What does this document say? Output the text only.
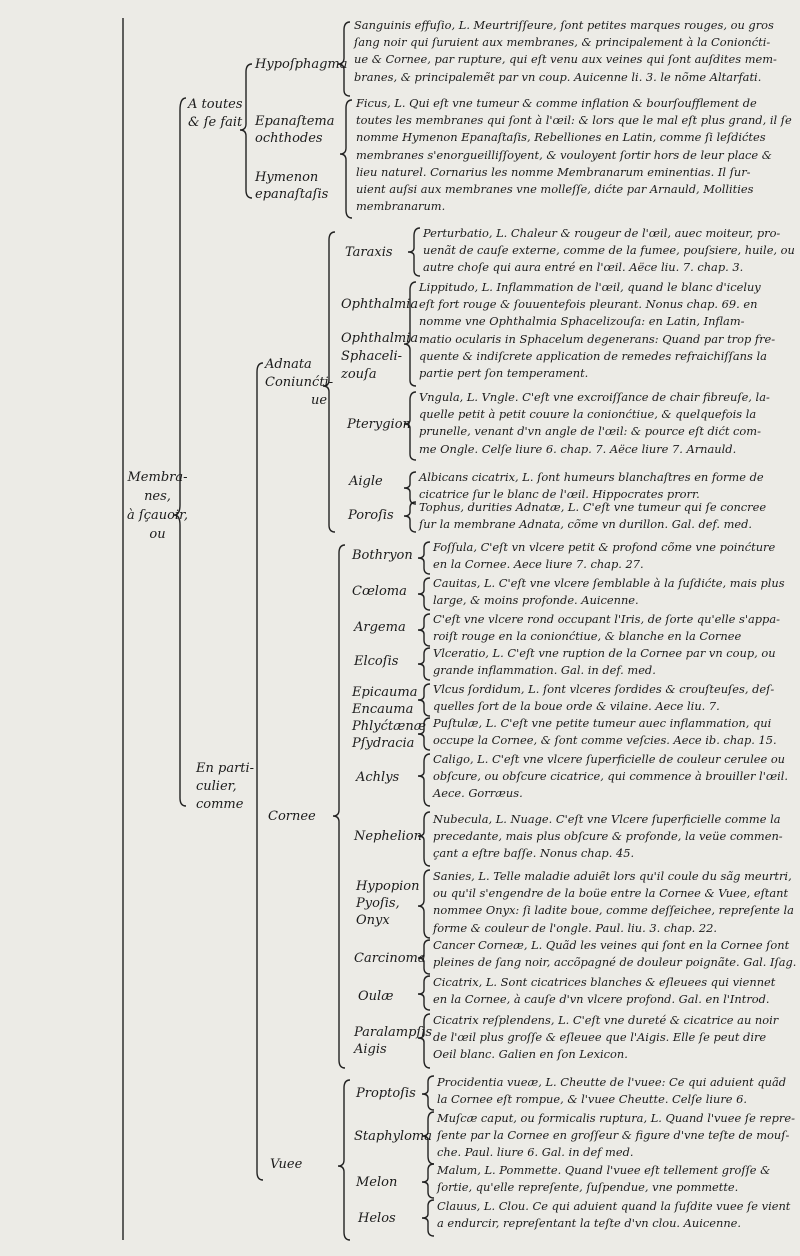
Membra-
nes,
à ſçauoir,
ou
A toutes
& ſe fait
En parti-
culier,
comme
Adnata
Coniunćti-
ue
Cornee
Vuee
Hypoſphagma
Sanguinis effuſio, L. Meurtriſſeure, ſont petites marques rouges, ou gros
ſang noir qui ſuruient aux membranes, & principalement à la Conionćti-
ue & Cornee, par rupture, qui eſt venu aux veines qui ſont auſdites mem-
branes, & principalemẽt par vn coup. Auicenne li. 3. le nõme Altarfati.
Epanaſtema
ochthodes
Hymenon
epanaſtaſis
Ficus, L. Qui eſt vne tumeur & comme inflation & bourſoufflement de
toutes les membranes qui ſont à l'œil: & lors que le mal eſt plus grand, il ſe
nomme Hymenon Epanaſtaſis, Rebelliones en Latin, comme ſi leſdićtes
membranes s'enorgueilliſſoyent, & vouloyent ſortir hors de leur place &
lieu naturel. Cornarius les nomme Membranarum eminentias. Il ſur-
uient auſsi aux membranes vne molleſſe, dićte par Arnauld, Mollities
membranarum.
Taraxis
Perturbatio, L. Chaleur & rougeur de l'œil, auec moiteur, pro-
uenãt de cauſe externe, comme de la fumee, pouſsiere, huile, ou
autre choſe qui aura entré en l'œil. Aëce liu. 7. chap. 3.
Ophthalmia
Lippitudo, L. Inflammation de l'œil, quand le blanc d'iceluy
eſt fort rouge & ſouuentefois pleurant. Nonus chap. 69. en
nomme vne Ophthalmia Sphacelizouſa: en Latin, Inflam-
Ophthalmia
Sphaceli-
zouſa
matio ocularis in Sphacelum degenerans: Quand par trop fre-
quente & indiſcrete application de remedes refraichiſſans la
partie pert ſon temperament.
Pterygion
Vngula, L. Vngle. C'eſt vne excroiſſance de chair fibreuſe, la-
quelle petit à petit couure la conionćtiue, & quelquefois la
prunelle, venant d'vn angle de l'œil: & pource eſt dićt com-
me Ongle. Celſe liure 6. chap. 7. Aëce liure 7. Arnauld.
Aigle	Albicans cicatrix, L. ſont humeurs blanchaſtres en forme de
cicatrice ſur le blanc de l'œil. Hippocrates prorr.
Poroſis
Tophus, durities Adnatæ, L. C'eſt vne tumeur qui ſe concree
ſur la membrane Adnata, cõme vn durillon. Gal. def. med.
Bothryon
Foſſula, C'eſt vn vlcere petit & profond cõme vne poinćture
en la Cornee. Aece liure 7. chap. 27.
Cœloma
Cauitas, L. C'eſt vne vlcere ſemblable à la ſuſdićte, mais plus
large, & moins profonde. Auicenne.
Argema
C'eſt vne vlcere rond occupant l'Iris, de ſorte qu'elle s'appa-
roiſt rouge en la conionćtiue, & blanche en la Cornee
Elcoſis
Vlceratio, L. C'eſt vne ruption de la Cornee par vn coup, ou
grande inflammation. Gal. in def. med.
Epicauma
Encauma
Vlcus ſordidum, L. ſont vlceres ſordides & crouſteuſes, deſ-
quelles ſort de la boue orde & vilaine. Aece liu. 7.
Phlyćtænæ
Pſydracia
Puſtulæ, L. C'eſt vne petite tumeur auec inflammation, qui
occupe la Cornee, & ſont comme veſcies. Aece ib. chap. 15.
Achlys
Caligo, L. C'eſt vne vlcere ſuperficielle de couleur cerulee ou
obſcure, ou obſcure cicatrice, qui commence à brouiller l'œil.
Aece. Gorræus.
Nephelion
Nubecula, L. Nuage. C'eſt vne Vlcere ſuperficielle comme la
precedante, mais plus obſcure & profonde, la veüe commen-
çant a eſtre baſſe. Nonus chap. 45.
Hypopion
Pyoſis,
Onyx
Sanies, L. Telle maladie aduiẽt lors qu'il coule du sãg meurtri,
ou qu'il s'engendre de la boüe entre la Cornee & Vuee, eſtant
nommee Onyx: ſi ladite boue, comme deſſeichee, repreſente la
forme & couleur de l'ongle. Paul. liu. 3. chap. 22.
Carcinoma
Cancer Corneæ, L. Quãd les veines qui ſont en la Cornee ſont
pleines de ſang noir, accõpagné de douleur poignãte. Gal. Iſag.
Oulæ
Cicatrix, L. Sont cicatrices blanches & eſleuees qui viennet
en la Cornee, à cauſe d'vn vlcere profond. Gal. en l'Introd.
Paralampſis
Aigis
Cicatrix reſplendens, L. C'eſt vne dureté & cicatrice au noir
de l'œil plus groſſe & eſleuee que l'Aigis. Elle ſe peut dire
Oeil blanc. Galien en ſon Lexicon.
Proptoſis
Procidentia vueæ, L. Cheutte de l'vuee: Ce qui aduient quãd
la Cornee eſt rompue, & l'vuee Cheutte. Celſe liure 6.
Staphyloma
Muſcæ caput, ou formicalis ruptura, L. Quand l'vuee ſe repre-
ſente par la Cornee en groſſeur & figure d'vne teſte de mouſ-
che. Paul. liure 6. Gal. in def med.
Melon
Malum, L. Pommette. Quand l'vuee eſt tellement groſſe &
ſortie, qu'elle repreſente, ſuſpendue, vne pommette.
Helos
Clauus, L. Clou. Ce qui aduient quand la ſuſdite vuee ſe vient
a endurcir, repreſentant la teſte d'vn clou. Auicenne.
